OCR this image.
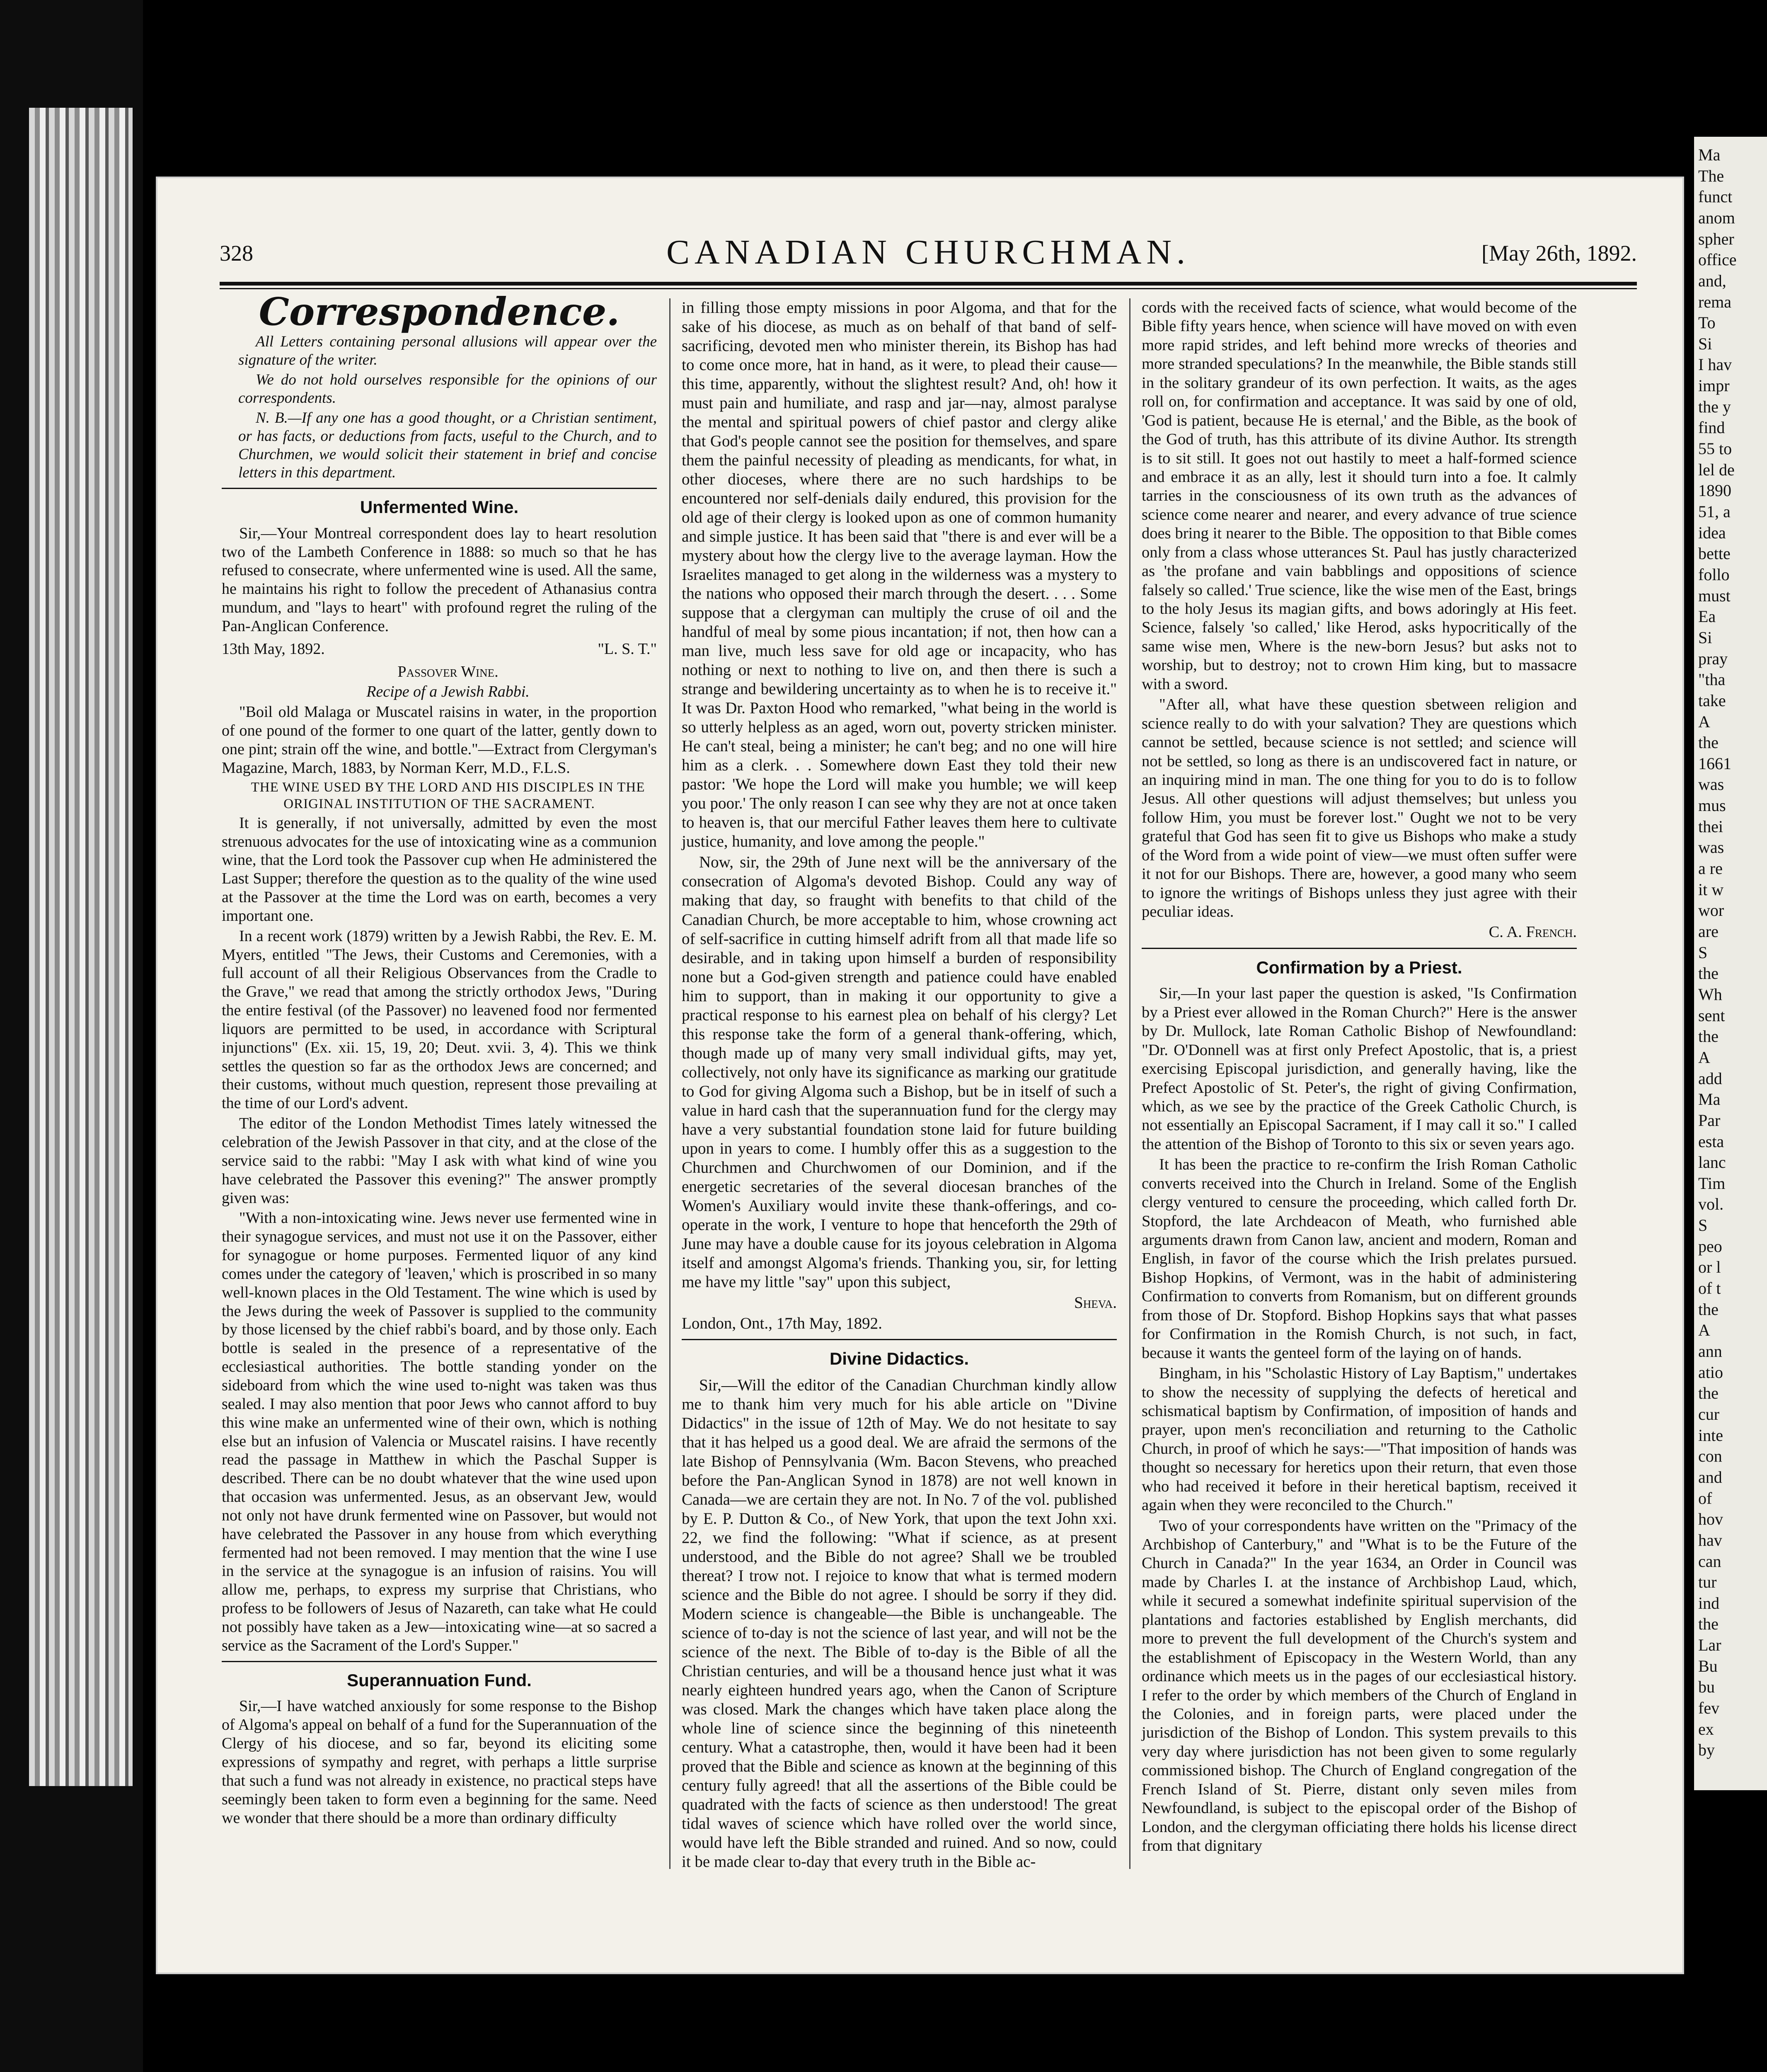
328	CANADIAN CHURCHMAN.	[May 26th, 1892.
Correspondence.

All Letters containing personal allusions will appear over the signature of the writer.

We do not hold ourselves responsible for the opinions of our correspondents.

N. B.—If any one has a good thought, or a Christian sentiment, or has facts, or deductions from facts, useful to the Church, and to Churchmen, we would solicit their statement in brief and concise letters in this department.

Unfermented Wine.

Sir,—Your Montreal correspondent does lay to heart resolution two of the Lambeth Conference in 1888: so much so that he has refused to consecrate, where unfermented wine is used. All the same, he maintains his right to follow the precedent of Athanasius contra mundum, and "lays to heart" with profound regret the ruling of the Pan-Anglican Conference.

13th May, 1892.	"L. S. T."

Passover Wine.

Recipe of a Jewish Rabbi.

"Boil old Malaga or Muscatel raisins in water, in the proportion of one pound of the former to one quart of the latter, gently down to one pint; strain off the wine, and bottle."—Extract from Clergyman's Magazine, March, 1883, by Norman Kerr, M.D., F.L.S.

THE WINE USED BY THE LORD AND HIS DISCIPLES IN THE ORIGINAL INSTITUTION OF THE SACRAMENT.

It is generally, if not universally, admitted by even the most strenuous advocates for the use of intoxicating wine as a communion wine, that the Lord took the Passover cup when He administered the Last Supper; therefore the question as to the quality of the wine used at the Passover at the time the Lord was on earth, becomes a very important one.

In a recent work (1879) written by a Jewish Rabbi, the Rev. E. M. Myers, entitled "The Jews, their Customs and Ceremonies, with a full account of all their Religious Observances from the Cradle to the Grave," we read that among the strictly orthodox Jews, "During the entire festival (of the Passover) no leavened food nor fermented liquors are permitted to be used, in accordance with Scriptural injunctions" (Ex. xii. 15, 19, 20; Deut. xvii. 3, 4). This we think settles the question so far as the orthodox Jews are concerned; and their customs, without much question, represent those prevailing at the time of our Lord's advent.

The editor of the London Methodist Times lately witnessed the celebration of the Jewish Passover in that city, and at the close of the service said to the rabbi: "May I ask with what kind of wine you have celebrated the Passover this evening?" The answer promptly given was:

"With a non-intoxicating wine. Jews never use fermented wine in their synagogue services, and must not use it on the Passover, either for synagogue or home purposes. Fermented liquor of any kind comes under the category of 'leaven,' which is proscribed in so many well-known places in the Old Testament. The wine which is used by the Jews during the week of Passover is supplied to the community by those licensed by the chief rabbi's board, and by those only. Each bottle is sealed in the presence of a representative of the ecclesiastical authorities. The bottle standing yonder on the sideboard from which the wine used to-night was taken was thus sealed. I may also mention that poor Jews who cannot afford to buy this wine make an unfermented wine of their own, which is nothing else but an infusion of Valencia or Muscatel raisins. I have recently read the passage in Matthew in which the Paschal Supper is described. There can be no doubt whatever that the wine used upon that occasion was unfermented. Jesus, as an observant Jew, would not only not have drunk fermented wine on Passover, but would not have celebrated the Passover in any house from which everything fermented had not been removed. I may mention that the wine I use in the service at the synagogue is an infusion of raisins. You will allow me, perhaps, to express my surprise that Christians, who profess to be followers of Jesus of Nazareth, can take what He could not possibly have taken as a Jew—intoxicating wine—at so sacred a service as the Sacrament of the Lord's Supper."

Superannuation Fund.

Sir,—I have watched anxiously for some response to the Bishop of Algoma's appeal on behalf of a fund for the Superannuation of the Clergy of his diocese, and so far, beyond its eliciting some expressions of sympathy and regret, with perhaps a little surprise that such a fund was not already in existence, no practical steps have seemingly been taken to form even a beginning for the same. Need we wonder that there should be a more than ordinary difficulty

in filling those empty missions in poor Algoma, and that for the sake of his diocese, as much as on behalf of that band of self-sacrificing, devoted men who minister therein, its Bishop has had to come once more, hat in hand, as it were, to plead their cause—this time, apparently, without the slightest result? And, oh! how it must pain and humiliate, and rasp and jar—nay, almost paralyse the mental and spiritual powers of chief pastor and clergy alike that God's people cannot see the position for themselves, and spare them the painful necessity of pleading as mendicants, for what, in other dioceses, where there are no such hardships to be encountered nor self-denials daily endured, this provision for the old age of their clergy is looked upon as one of common humanity and simple justice. It has been said that "there is and ever will be a mystery about how the clergy live to the average layman. How the Israelites managed to get along in the wilderness was a mystery to the nations who opposed their march through the desert. . . . Some suppose that a clergyman can multiply the cruse of oil and the handful of meal by some pious incantation; if not, then how can a man live, much less save for old age or incapacity, who has nothing or next to nothing to live on, and then there is such a strange and bewildering uncertainty as to when he is to receive it." It was Dr. Paxton Hood who remarked, "what being in the world is so utterly helpless as an aged, worn out, poverty stricken minister. He can't steal, being a minister; he can't beg; and no one will hire him as a clerk. . . Somewhere down East they told their new pastor: 'We hope the Lord will make you humble; we will keep you poor.' The only reason I can see why they are not at once taken to heaven is, that our merciful Father leaves them here to cultivate justice, humanity, and love among the people."

Now, sir, the 29th of June next will be the anniversary of the consecration of Algoma's devoted Bishop. Could any way of making that day, so fraught with benefits to that child of the Canadian Church, be more acceptable to him, whose crowning act of self-sacrifice in cutting himself adrift from all that made life so desirable, and in taking upon himself a burden of responsibility none but a God-given strength and patience could have enabled him to support, than in making it our opportunity to give a practical response to his earnest plea on behalf of his clergy? Let this response take the form of a general thank-offering, which, though made up of many very small individual gifts, may yet, collectively, not only have its significance as marking our gratitude to God for giving Algoma such a Bishop, but be in itself of such a value in hard cash that the superannuation fund for the clergy may have a very substantial foundation stone laid for future building upon in years to come. I humbly offer this as a suggestion to the Churchmen and Churchwomen of our Dominion, and if the energetic secretaries of the several diocesan branches of the Women's Auxiliary would invite these thank-offerings, and co-operate in the work, I venture to hope that henceforth the 29th of June may have a double cause for its joyous celebration in Algoma itself and amongst Algoma's friends. Thanking you, sir, for letting me have my little "say" upon this subject,

Sheva.

London, Ont., 17th May, 1892.

Divine Didactics.

Sir,—Will the editor of the Canadian Churchman kindly allow me to thank him very much for his able article on "Divine Didactics" in the issue of 12th of May. We do not hesitate to say that it has helped us a good deal. We are afraid the sermons of the late Bishop of Pennsylvania (Wm. Bacon Stevens, who preached before the Pan-Anglican Synod in 1878) are not well known in Canada—we are certain they are not. In No. 7 of the vol. published by E. P. Dutton & Co., of New York, that upon the text John xxi. 22, we find the following: "What if science, as at present understood, and the Bible do not agree? Shall we be troubled thereat? I trow not. I rejoice to know that what is termed modern science and the Bible do not agree. I should be sorry if they did. Modern science is changeable—the Bible is unchangeable. The science of to-day is not the science of last year, and will not be the science of the next. The Bible of to-day is the Bible of all the Christian centuries, and will be a thousand hence just what it was nearly eighteen hundred years ago, when the Canon of Scripture was closed. Mark the changes which have taken place along the whole line of science since the beginning of this nineteenth century. What a catastrophe, then, would it have been had it been proved that the Bible and science as known at the beginning of this century fully agreed! that all the assertions of the Bible could be quadrated with the facts of science as then understood! The great tidal waves of science which have rolled over the world since, would have left the Bible stranded and ruined. And so now, could it be made clear to-day that every truth in the Bible ac-

cords with the received facts of science, what would become of the Bible fifty years hence, when science will have moved on with even more rapid strides, and left behind more wrecks of theories and more stranded speculations? In the meanwhile, the Bible stands still in the solitary grandeur of its own perfection. It waits, as the ages roll on, for confirmation and acceptance. It was said by one of old, 'God is patient, because He is eternal,' and the Bible, as the book of the God of truth, has this attribute of its divine Author. Its strength is to sit still. It goes not out hastily to meet a half-formed science and embrace it as an ally, lest it should turn into a foe. It calmly tarries in the consciousness of its own truth as the advances of science come nearer and nearer, and every advance of true science does bring it nearer to the Bible. The opposition to that Bible comes only from a class whose utterances St. Paul has justly characterized as 'the profane and vain babblings and oppositions of science falsely so called.' True science, like the wise men of the East, brings to the holy Jesus its magian gifts, and bows adoringly at His feet. Science, falsely 'so called,' like Herod, asks hypocritically of the same wise men, Where is the new-born Jesus? but asks not to worship, but to destroy; not to crown Him king, but to massacre with a sword.

"After all, what have these question sbetween religion and science really to do with your salvation? They are questions which cannot be settled, because science is not settled; and science will not be settled, so long as there is an undiscovered fact in nature, or an inquiring mind in man. The one thing for you to do is to follow Jesus. All other questions will adjust themselves; but unless you follow Him, you must be forever lost." Ought we not to be very grateful that God has seen fit to give us Bishops who make a study of the Word from a wide point of view—we must often suffer were it not for our Bishops. There are, however, a good many who seem to ignore the writings of Bishops unless they just agree with their peculiar ideas.

C. A. French.

Confirmation by a Priest.

Sir,—In your last paper the question is asked, "Is Confirmation by a Priest ever allowed in the Roman Church?" Here is the answer by Dr. Mullock, late Roman Catholic Bishop of Newfoundland: "Dr. O'Donnell was at first only Prefect Apostolic, that is, a priest exercising Episcopal jurisdiction, and generally having, like the Prefect Apostolic of St. Peter's, the right of giving Confirmation, which, as we see by the practice of the Greek Catholic Church, is not essentially an Episcopal Sacrament, if I may call it so." I called the attention of the Bishop of Toronto to this six or seven years ago.

It has been the practice to re-confirm the Irish Roman Catholic converts received into the Church in Ireland. Some of the English clergy ventured to censure the proceeding, which called forth Dr. Stopford, the late Archdeacon of Meath, who furnished able arguments drawn from Canon law, ancient and modern, Roman and English, in favor of the course which the Irish prelates pursued. Bishop Hopkins, of Vermont, was in the habit of administering Confirmation to converts from Romanism, but on different grounds from those of Dr. Stopford. Bishop Hopkins says that what passes for Confirmation in the Romish Church, is not such, in fact, because it wants the genteel form of the laying on of hands.

Bingham, in his "Scholastic History of Lay Baptism," undertakes to show the necessity of supplying the defects of heretical and schismatical baptism by Confirmation, of imposition of hands and prayer, upon men's reconciliation and returning to the Catholic Church, in proof of which he says:—"That imposition of hands was thought so necessary for heretics upon their return, that even those who had received it before in their heretical baptism, received it again when they were reconciled to the Church."

Two of your correspondents have written on the "Primacy of the Archbishop of Canterbury," and "What is to be the Future of the Church in Canada?" In the year 1634, an Order in Council was made by Charles I. at the instance of Archbishop Laud, which, while it secured a somewhat indefinite spiritual supervision of the plantations and factories established by English merchants, did more to prevent the full development of the Church's system and the establishment of Episcopacy in the Western World, than any ordinance which meets us in the pages of our ecclesiastical history. I refer to the order by which members of the Church of England in the Colonies, and in foreign parts, were placed under the jurisdiction of the Bishop of London. This system prevails to this very day where jurisdiction has not been given to some regularly commissioned bishop. The Church of England congregation of the French Island of St. Pierre, distant only seven miles from Newfoundland, is subject to the episcopal order of the Bishop of London, and the clergyman officiating there holds his license direct from that dignitary

Ma
The
funct
anom
spher
office
and,
rema
To
Si
I hav
impr
the y
find
55 to
lel de
1890
51, a
idea
bette
follo
must
Ea
Si
pray
"tha
take
A
the
1661
was
mus
thei
was
a re
it w
wor
are
S
the
Wh
sent
the
A
add
Ma
Par
esta
lanc
Tim
vol.
S
peo
or l
of t
the
A
ann
atio
the
cur
inte
con
and
of
hov
hav
can
tur
ind
the
Lar
Bu
bu
fev
ex
by
